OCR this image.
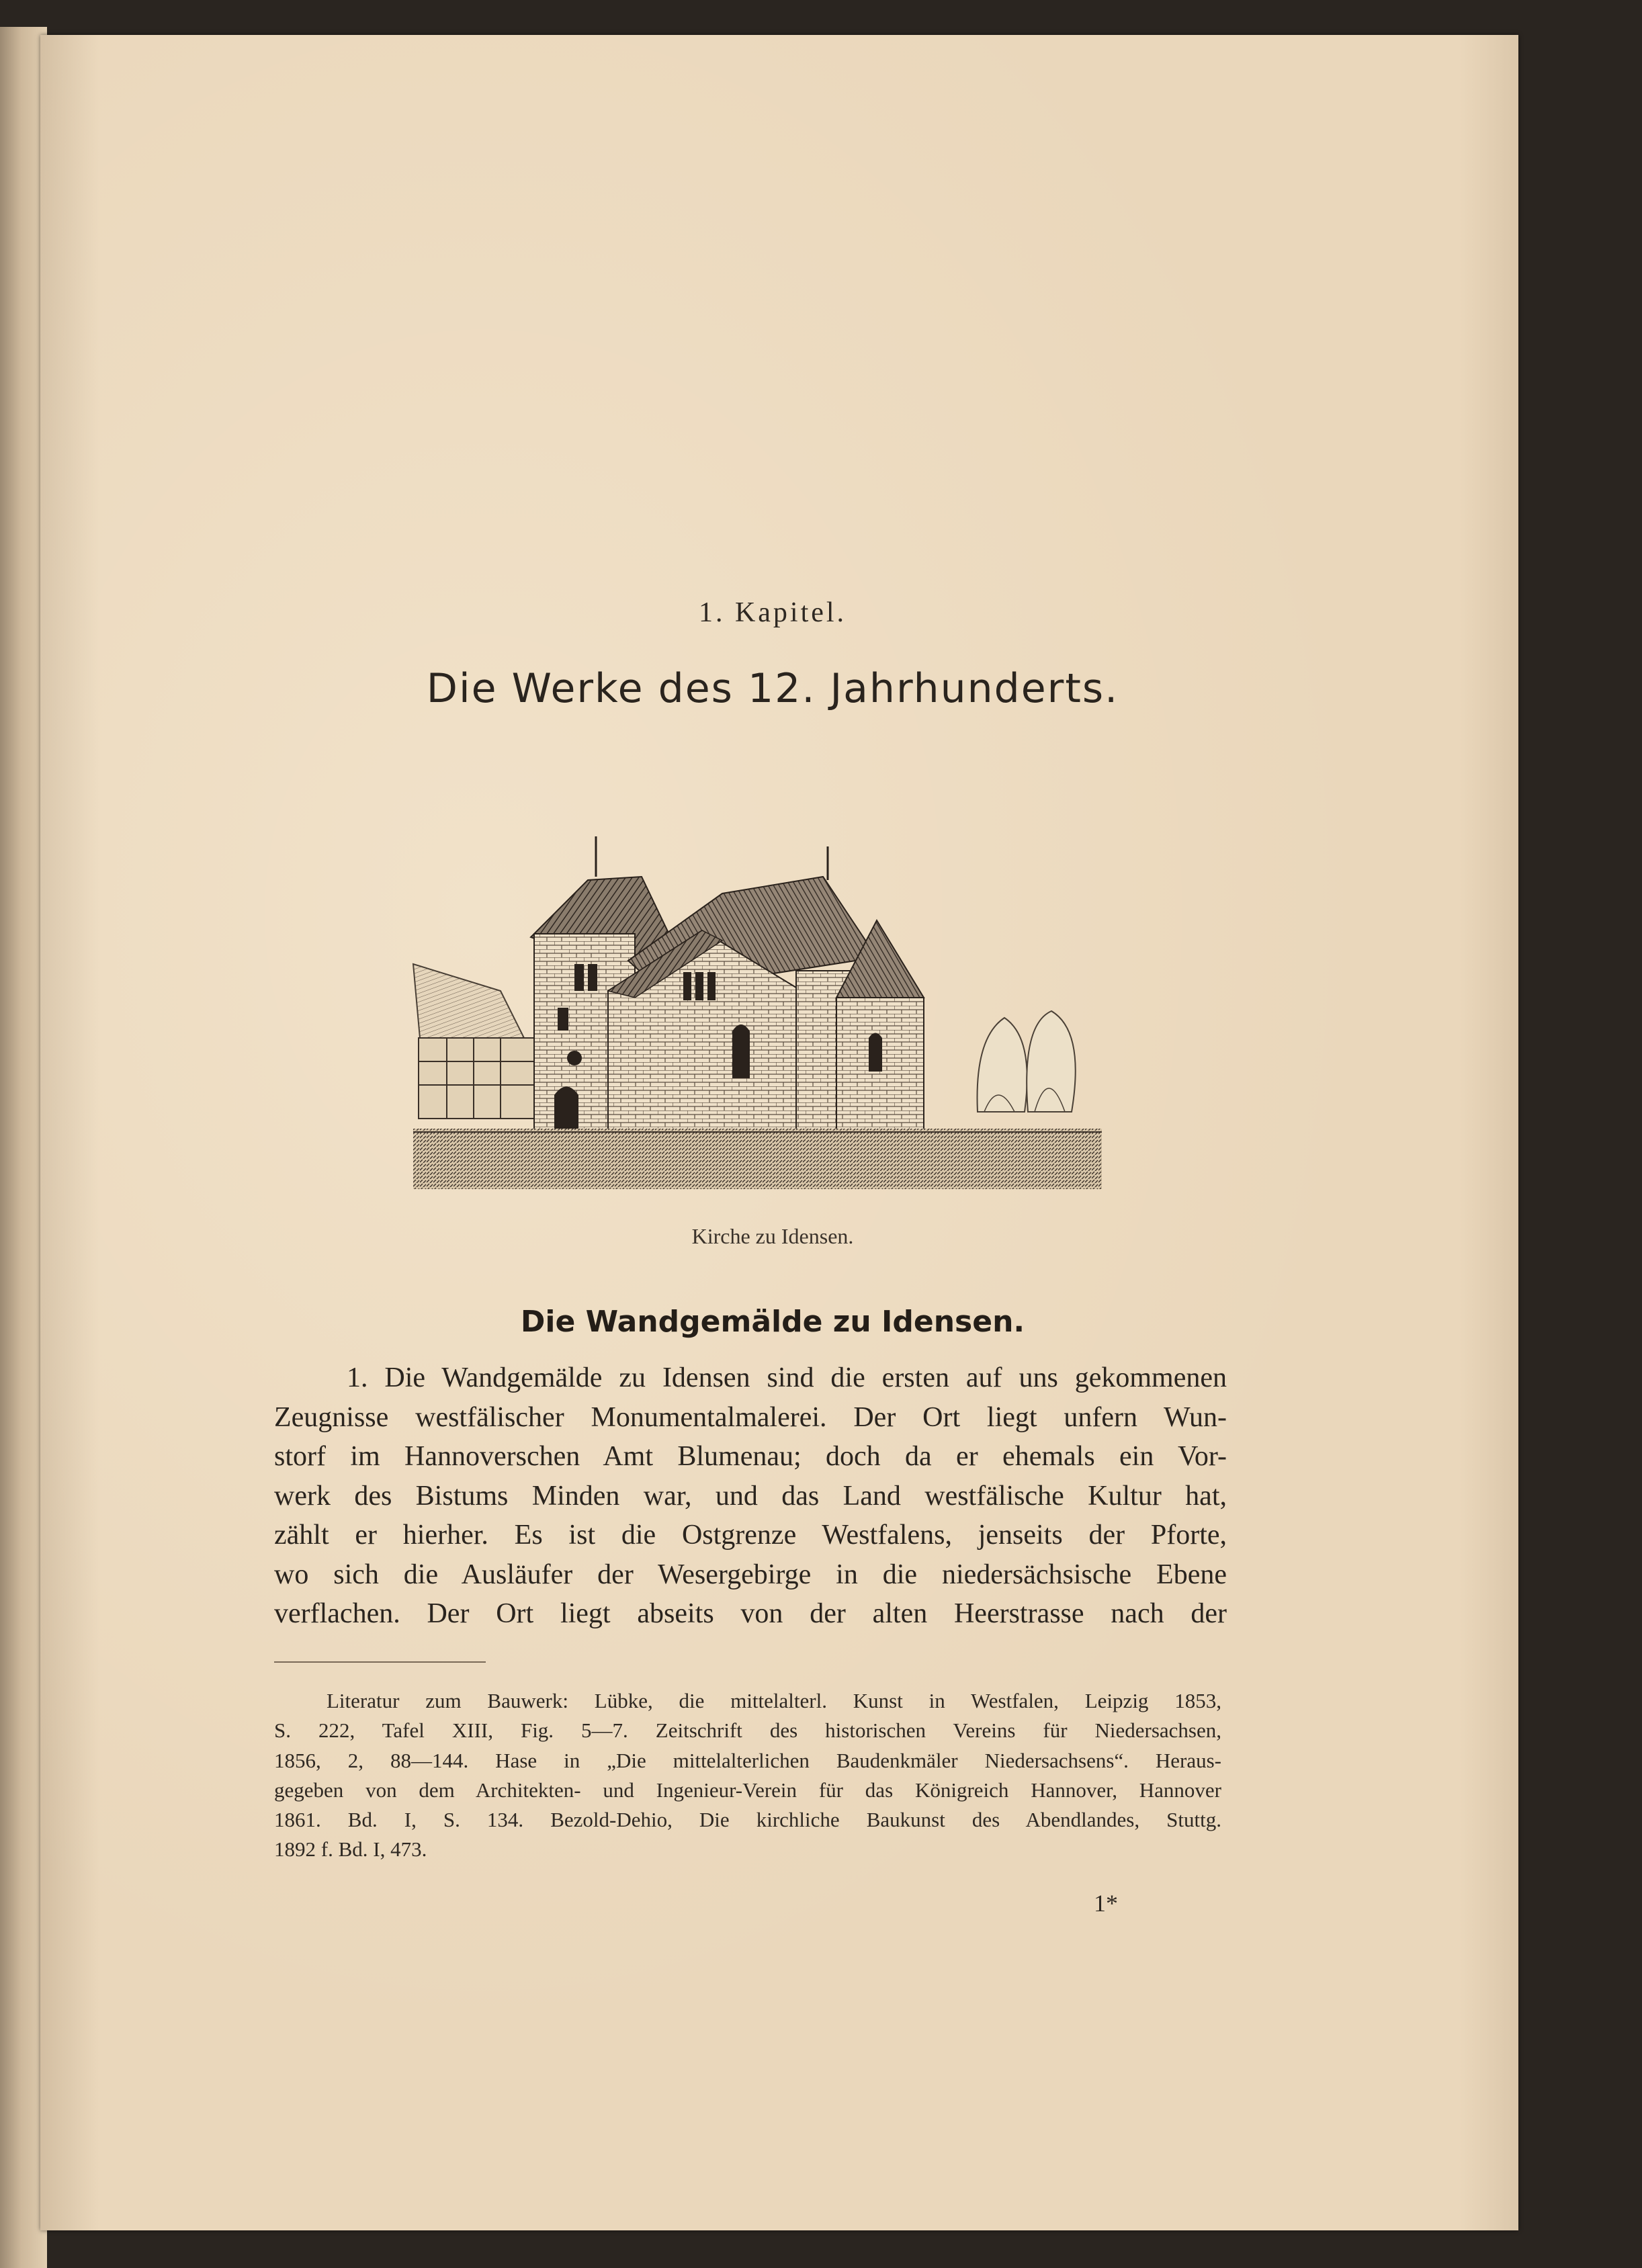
1. Kapitel.
Die Werke des 12. Jahrhunderts.
Kirche zu Idensen.
Die Wandgemälde zu Idensen.
1. Die Wandgemälde zu Idensen sind die ersten auf uns gekommenen
Zeugnisse westfälischer Monumentalmalerei. Der Ort liegt unfern Wun-
storf im Hannoverschen Amt Blumenau; doch da er ehemals ein Vor-
werk des Bistums Minden war, und das Land westfälische Kultur hat,
zählt er hierher. Es ist die Ostgrenze Westfalens, jenseits der Pforte,
wo sich die Ausläufer der Wesergebirge in die niedersächsische Ebene
verflachen. Der Ort liegt abseits von der alten Heerstrasse nach der
Literatur zum Bauwerk: Lübke, die mittelalterl. Kunst in Westfalen, Leipzig 1853,
S. 222, Tafel XIII, Fig. 5—7. Zeitschrift des historischen Vereins für Niedersachsen,
1856, 2, 88—144. Hase in „Die mittelalterlichen Baudenkmäler Niedersachsens“. Heraus-
gegeben von dem Architekten- und Ingenieur-Verein für das Königreich Hannover, Hannover
1861. Bd. I, S. 134. Bezold-Dehio, Die kirchliche Baukunst des Abendlandes, Stuttg.
1892 f. Bd. I, 473.
1*
